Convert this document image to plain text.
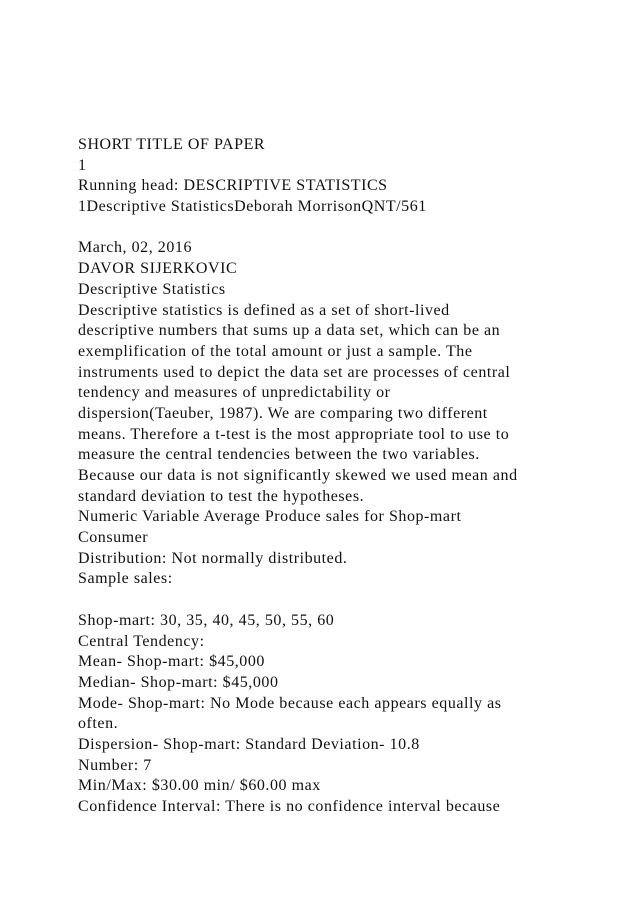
SHORT TITLE OF PAPER
1
Running head: DESCRIPTIVE STATISTICS
1Descriptive StatisticsDeborah MorrisonQNT/561
March, 02, 2016
DAVOR SIJERKOVIC
Descriptive Statistics
Descriptive statistics is defined as a set of short-lived
descriptive numbers that sums up a data set, which can be an
exemplification of the total amount or just a sample. The
instruments used to depict the data set are processes of central
tendency and measures of unpredictability or
dispersion(Taeuber, 1987). We are comparing two different
means. Therefore a t-test is the most appropriate tool to use to
measure the central tendencies between the two variables.
Because our data is not significantly skewed we used mean and
standard deviation to test the hypotheses.
Numeric Variable Average Produce sales for Shop-mart
Consumer
Distribution: Not normally distributed.
Sample sales:
Shop-mart: 30, 35, 40, 45, 50, 55, 60
Central Tendency:
Mean- Shop-mart: $45,000
Median- Shop-mart: $45,000
Mode- Shop-mart: No Mode because each appears equally as
often.
Dispersion- Shop-mart: Standard Deviation- 10.8
Number: 7
Min/Max: $30.00 min/ $60.00 max
Confidence Interval: There is no confidence interval because
